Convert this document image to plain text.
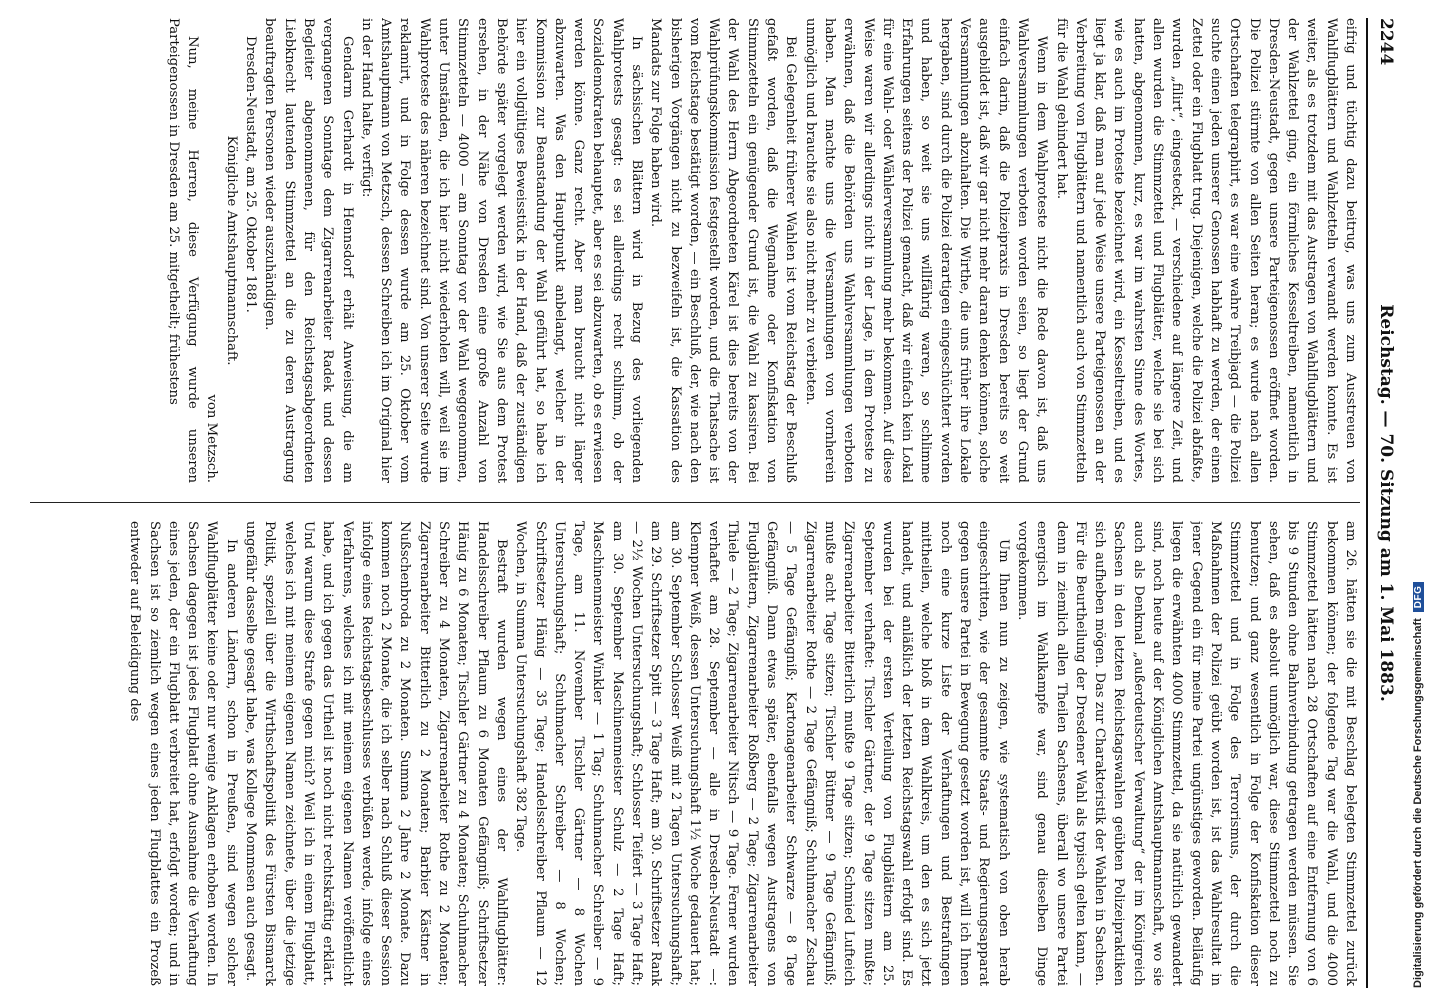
2244
Reichstag. — 70. Sitzung am 1. Mai 1883.

eifrig und tüchtig dazu beitrug, was uns zum Ausstreuen von Wahlflugblättern und Wahlzetteln verwandt werden konnte. Es ist weiter, als es trotzdem mit das Austragen von Wahlflugblättern und der Wahlzettel ging, ein förmliches Kesseltreiben, namentlich in Dresden-Neustadt, gegen unsere Parteigenossen eröffnet worden. Die Polizei stürmte von allen Seiten heran; es wurde nach allen Ortschaften telegraphirt, es war eine wahre Treibjagd — die Polizei suchte einen jeden unserer Genossen habhaft zu werden, der einen Zettel oder ein Flugblatt trug. Diejenigen, welche die Polizei abfaßte, wurden „filirt“, eingesteckt, — verschiedene auf längere Zeit, und allen wurden die Stimmzettel und Flugblätter, welche sie bei sich hatten, abgenommen, kurz, es war im wahrsten Sinne des Wortes, wie es auch im Proteste bezeichnet wird, ein Kesseltreiben, und es liegt ja klar, daß man auf jede Weise unsere Parteigenossen an der Verbreitung von Flugblättern und namentlich auch von Stimmzetteln für die Wahl gehindert hat.

Wenn in dem Wahlproteste nicht die Rede davon ist, daß uns Wahlversammlungen verboten worden seien, so liegt der Grund einfach darin, daß die Polizeipraxis in Dresden bereits so weit ausgebildet ist, daß wir gar nicht mehr daran denken können, solche Versammlungen abzuhalten. Die Wirthe, die uns früher ihre Lokale hergaben, sind durch die Polizei derartigen eingeschüchtert worden und haben, so weit sie uns willfährig waren, so schlimme Erfahrungen seitens der Polizei gemacht, daß wir einfach kein Lokal für eine Wahl- oder Wählerversammlung mehr bekommen. Auf diese Weise waren wir allerdings nicht in der Lage, in dem Proteste zu erwähnen, daß die Behörden uns Wahlversammlungen verboten haben. Man machte uns die Versammlungen von vornherein unmöglich und brauchte sie also nicht mehr zu verbieten.

Bei Gelegenheit früherer Wahlen ist vom Reichstag der Beschluß gefaßt worden, daß die Wegnahme oder Konfiskation von Stimmzetteln ein genügender Grund ist, die Wahl zu kassiren. Bei der Wahl des Herrn Abgeordneten Kärel ist dies bereits von der Wahlprüfungskommission festgestellt worden, und die Thatsache ist vom Reichstage bestätigt worden, — ein Beschluß, der, wie nach den bisherigen Vorgängen nicht zu bezweifeln ist, die Kassation des Mandats zur Folge haben wird.

In sächsischen Blättern wird in Bezug des vorliegenden Wahlprotests gesagt: es sei allerdings recht schlimm, ob der Sozialdemokraten behauptet, aber es sei abzuwarten, ob es erwiesen werden könne. Ganz recht. Aber man braucht nicht länger abzuwarten. Was den Hauptpunkt anbelangt, welcher in der Kommission zur Beanstandung der Wahl geführt hat, so habe ich hier ein vollgültiges Beweisstück in der Hand, daß der zuständigen Behörde später vorgelegt werden wird, wie Sie aus dem Protest ersehen, in der Nähe von Dresden eine große Anzahl von Stimmzetteln — 4000 — am Sonntag vor der Wahl weggenommen, unter Umständen, die ich hier nicht wiederholen will, weil sie im Wahlproteste des näheren bezeichnet sind. Von unserer Seite wurde reklamirt, und in Folge dessen wurde am 25. Oktober vom Amtshauptmann von Metzsch, dessen Schreiben ich im Original hier in der Hand halte, verfügt:

Gendarm Gerhardt in Hennsdorf erhält Anweisung, die am vergangenen Sonntage dem Zigarrenarbeiter Radek und dessen Begleiter abgenommenen, für den Reichstagsabgeordneten Liebknecht lautenden Stimmzettel an die zu deren Austragung beauftragten Personen wieder auszuhändigen.

Dresden-Neustadt, am 25. Oktober 1881.

Königliche Amtshauptmannschaft.

von Metzsch.

Nun, meine Herren, diese Verfügung wurde unseren Parteigenossen in Dresden am 25. mitgetheilt; frühestens

am 26. hätten sie die mit Beschlag belegten Stimmzettel zurück bekommen können; der folgende Tag war die Wahl, und die 4000 Stimmzettel hätten nach 28 Ortschaften auf eine Entfernung von 6 bis 9 Stunden ohne Bahnverbindung getragen werden müssen. Sie sehen, daß es absolut unmöglich war, diese Stimmzettel noch zu benutzen; und ganz wesentlich in Folge der Konfiskation dieser Stimmzettel und in Folge des Terrorismus, der durch die Maßnahmen der Polizei geübt worden ist, ist das Wahlresultat in jener Gegend ein für meine Partei ungünstiges geworden. Beiläufig liegen die erwähnten 4000 Stimmzettel, da sie natürlich gewandert sind, noch heute auf der Königlichen Amtshauptmannschaft, wo sie auch als Denkmal „außerdeutscher Verwaltung“ der im Königreich Sachsen in den letzten Reichstagswahlen geübten Polizeipraktiken sich aufheben mögen. Das zur Charakteristik der Wahlen in Sachsen. Für die Beurtheilung der Dresdener Wahl als typisch gelten kann, — denn in ziemlich allen Theilen Sachsens, überall wo unsere Partei energisch im Wahlkampfe war, sind genau dieselben Dinge vorgekommen.

Um Ihnen nun zu zeigen, wie systematisch von oben herab eingeschritten, wie der gesammte Staats- und Regierungsapparat gegen unsere Partei in Bewegung gesetzt worden ist, will ich Ihnen noch eine kurze Liste der Verhaftungen und Bestrafungen mittheilen, welche bloß in dem Wahlkreis, um den es sich jetzt handelt, und anläßlich der letzten Reichstagswahl erfolgt sind. Es wurden bei der ersten Verteilung von Flugblättern am 25. September verhaftet: Tischler Gärtner, der 9 Tage sitzen mußte; Zigarrenarbeiter Bitterlich mußte 9 Tage sitzen; Schmied Lufteich mußte acht Tage sitzen; Tischler Büttner — 9 Tage Gefängniß; Zigarrenarbeiter Rothe — 2 Tage Gefängniß; Schuhmacher Zschau — 5 Tage Gefängniß; Kartonagenarbeiter Schwarze — 8 Tage Gefängniß. Dann etwas später, ebenfalls wegen Austragens von Flugblättern, Zigarrenarbeiter Roßberg — 2 Tage; Zigarrenarbeiter Thiele — 2 Tage; Zigarrenarbeiter Nitsch — 9 Tage. Ferner wurden verhaftet am 28. September — alle in Dresden-Neustadt —: Klempner Weiß, dessen Untersuchungshaft 1½ Woche gedauert hat; am 30. September Schlosser Weiß mit 2 Tagen Untersuchungshaft; am 29. Schriftsetzer Spitt — 3 Tage Haft; am 30. Schriftsetzer Rank — 2½ Wochen Untersuchungshaft; Schlosser Teifert — 3 Tage Haft; am 30. September Maschinenmeister Schulz — 2 Tage Haft; Maschinenmeister Winkler — 1 Tag; Schuhmacher Schreiber — 9 Tage, am 11. November Tischler Gärtner — 8 Wochen Untersuchungshaft; Schuhmacher Schreiber — 8 Wochen; Schriftsetzer Hänig — 35 Tage; Handelsschreiber Pflaum — 12 Wochen, in Summa Untersuchungshaft 382 Tage.

Bestraft wurden wegen eines der Wahlflugblätter: Handelsschreiber Pflaum zu 6 Monaten Gefängniß; Schriftsetzer Hänig zu 6 Monaten; Tischler Gärtner zu 4 Monaten; Schuhmacher Schreiber zu 4 Monaten, Zigarrenarbeiter Rothe zu 2 Monaten; Zigarrenarbeiter Bitterlich zu 2 Monaten; Barbier Kästner in Nußschenbroda zu 2 Monaten. Summa 2 Jahre 2 Monate. Dazu kommen noch 2 Monate, die ich selber nach Schluß dieser Session infolge eines Reichstagsbeschlusses verbüßen werde, infolge eines Verfahrens, welches ich mit meinem eigenen Namen veröffentlicht habe, und ich gegen das Urtheil ist noch nicht rechtskräftig erklärt. Und warum diese Strafe gegen mich? Weil ich in einem Flugblatt, welches ich mit meinem eigenen Namen zeichnete, über die jetzige Politik, speziell über die Wirthschaftspolitik des Fürsten Bismarck ungefähr dasselbe gesagt habe, was Kollege Mommsen auch gesagt.

In anderen Ländern, schon in Preußen, sind wegen solcher Wahlflugblätter keine oder nur wenige Anklagen erhoben worden. In Sachsen dagegen ist jedes Flugblatt ohne Ausnahme die Verhaftung eines jeden, der ein Flugblatt verbreitet hat, erfolgt worden; und in Sachsen ist so ziemlich wegen eines jeden Flugblattes ein Prozeß entweder auf Beleidigung des	Digitalisierung gefördert durch die Deutsche ForschungsgemeinschaftDFG
